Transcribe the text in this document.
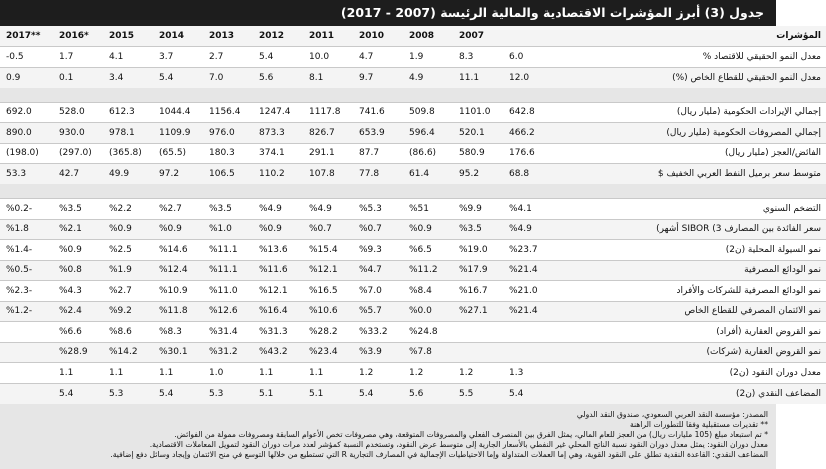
جدول (3) أبرز المؤشرات الاقتصادية والمالية الرئيسة (2007 - 2017)
2017**	2016*	2015	2014	2013	2012	2011	2010	2008	2007		المؤشرات
-0.5	1.7	4.1	3.7	2.7	5.4	10.0	4.7	1.9	8.3	6.0	معدل النمو الحقيقي للاقتصاد %
0.9	0.1	3.4	5.4	7.0	5.6	8.1	9.7	4.9	11.1	12.0	معدل النمو الحقيقي للقطاع الخاص (%)

692.0	528.0	612.3	1044.4	1156.4	1247.4	1117.8	741.6	509.8	1101.0	642.8	إجمالي الإيرادات الحكومية (مليار ريال)
890.0	930.0	978.1	1109.9	976.0	873.3	826.7	653.9	596.4	520.1	466.2	إجمالي المصروفات الحكومية (مليار ريال)
(198.0)	(297.0)	(365.8)	(65.5)	180.3	374.1	291.1	87.7	(86.6)	580.9	176.6	الفائض/العجز (مليار ريال)
53.3	42.7	49.9	97.2	106.5	110.2	107.8	77.8	61.4	95.2	68.8	متوسط سعر برميل النفط العربي الخفيف $

%0.2-	%3.5	%2.2	%2.7	%3.5	%4.9	%4.9	%5.3	%51	%9.9	%4.1	التضخم السنوي
%1.8	%2.1	%0.9	%0.9	%1.0	%0.9	%0.7	%0.7	%0.9	%3.5	%4.9	سعر الفائدة بين المصارف 3) SIBOR أشهر)
%1.4-	%0.9	%2.5	%14.6	%11.1	%13.6	%15.4	%9.3	%6.5	%19.0	%23.7	نمو السيولة المحلية (ن2)
%0.5-	%0.8	%1.9	%12.4	%11.1	%11.6	%12.1	%4.7	%11.2	%17.9	%21.4	نمو الودائع المصرفية
%2.3-	%4.3	%2.7	%10.9	%11.0	%12.1	%16.5	%7.0	%8.4	%16.7	%21.0	نمو الودائع المصرفية للشركات والأفراد
%1.2-	%2.4	%9.2	%11.8	%12.6	%16.4	%10.6	%5.7	%0.0	%27.1	%21.4	نمو الائتمان المصرفي للقطاع الخاص
	%6.6	%8.6	%8.3	%31.4	%31.3	%28.2	%33.2	%24.8			نمو القروض العقارية (أفراد)
	%28.9	%14.2	%30.1	%31.2	%43.2	%23.4	%3.9	%7.8			نمو القروض العقارية (شركات)
	1.1	1.1	1.1	1.0	1.1	1.1	1.2	1.2	1.2	1.3	معدل دوران النقود (ن2)
	5.4	5.3	5.4	5.3	5.1	5.1	5.4	5.6	5.5	5.4	المضاعف النقدي (ن2)
المصدر: مؤسسة النقد العربي السعودي، صندوق النقد الدولي
** تقديرات مستقبلية وفقا للتطورات الراهنة
* تم استبعاد مبلغ (105 مليارات ريال) من العجز للعام المالي، يمثل الفرق بين المنصرف الفعلي والمصروفات المتوقعة، وهي مصروفات تخص الأعوام السابقة ومصروفات ممولة من الفوائض.
معدل دوران النقود: يمثل معدل دوران النقود نسبة الناتج المحلي غير النفطي بالأسعار الجارية إلى متوسط عرض النقود، وتستخدم النسبة كمؤشر لعدد مرات دوران النقود لتمويل المعاملات الاقتصادية.
المضاعف النقدي: القاعدة النقدية تطلق على النقود القوية، وهي إما العملات المتداولة وإما الاحتياطيات الإجمالية في المصارف التجارية R التي تستطيع من خلالها التوسع في منح الائتمان وإيجاد وسائل دفع إضافية.
